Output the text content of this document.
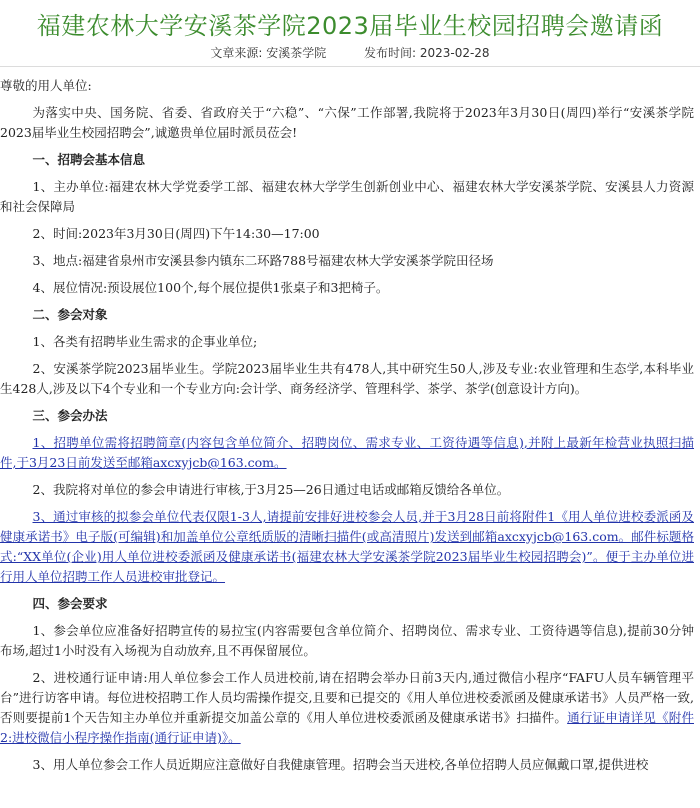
福建农林大学安溪茶学院2023届毕业生校园招聘会邀请函
文章来源: 安溪茶学院	发布时间: 2023-02-28

尊敬的用人单位:

为落实中央、国务院、省委、省政府关于“六稳”、“六保”工作部署,我院将于2023年3月30日(周四)举行“安溪茶学院2023届毕业生校园招聘会”,诚邀贵单位届时派员莅会!

一、招聘会基本信息

1、主办单位:福建农林大学党委学工部、福建农林大学学生创新创业中心、福建农林大学安溪茶学院、安溪县人力资源和社会保障局

2、时间:2023年3月30日(周四)下午14:30—17:00

3、地点:福建省泉州市安溪县参内镇东二环路788号福建农林大学安溪茶学院田径场

4、展位情况:预设展位100个,每个展位提供1张桌子和3把椅子。

二、参会对象

1、各类有招聘毕业生需求的企事业单位;

2、安溪茶学院2023届毕业生。学院2023届毕业生共有478人,其中研究生50人,涉及专业:农业管理和生态学,本科毕业生428人,涉及以下4个专业和一个专业方向:会计学、商务经济学、管理科学、茶学、茶学(创意设计方向)。

三、参会办法

1、招聘单位需将招聘简章(内容包含单位简介、招聘岗位、需求专业、工资待遇等信息),并附上最新年检营业执照扫描件,于3月23日前发送至邮箱axcxyjcb@163.com。

2、我院将对单位的参会申请进行审核,于3月25—26日通过电话或邮箱反馈给各单位。

3、通过审核的拟参会单位代表仅限1-3人,请提前安排好进校参会人员,并于3月28日前将附件1《用人单位进校委派函及健康承诺书》电子版(可编辑)和加盖单位公章纸质版的清晰扫描件(或高清照片)发送到邮箱axcxyjcb@163.com。邮件标题格式:“XX单位(企业)用人单位进校委派函及健康承诺书(福建农林大学安溪茶学院2023届毕业生校园招聘会)”。便于主办单位进行用人单位招聘工作人员进校审批登记。

四、参会要求

1、参会单位应准备好招聘宣传的易拉宝(内容需要包含单位简介、招聘岗位、需求专业、工资待遇等信息),提前30分钟布场,超过1小时没有入场视为自动放弃,且不再保留展位。

2、进校通行证申请:用人单位参会工作人员进校前,请在招聘会举办日前3天内,通过微信小程序“FAFU人员车辆管理平台”进行访客申请。每位进校招聘工作人员均需操作提交,且要和已提交的《用人单位进校委派函及健康承诺书》人员严格一致,否则要提前1个天告知主办单位并重新提交加盖公章的《用人单位进校委派函及健康承诺书》扫描件。通行证申请详见《附件2:进校微信小程序操作指南(通行证申请)》。

3、用人单位参会工作人员近期应注意做好自我健康管理。招聘会当天进校,各单位招聘人员应佩戴口罩,提供进校
